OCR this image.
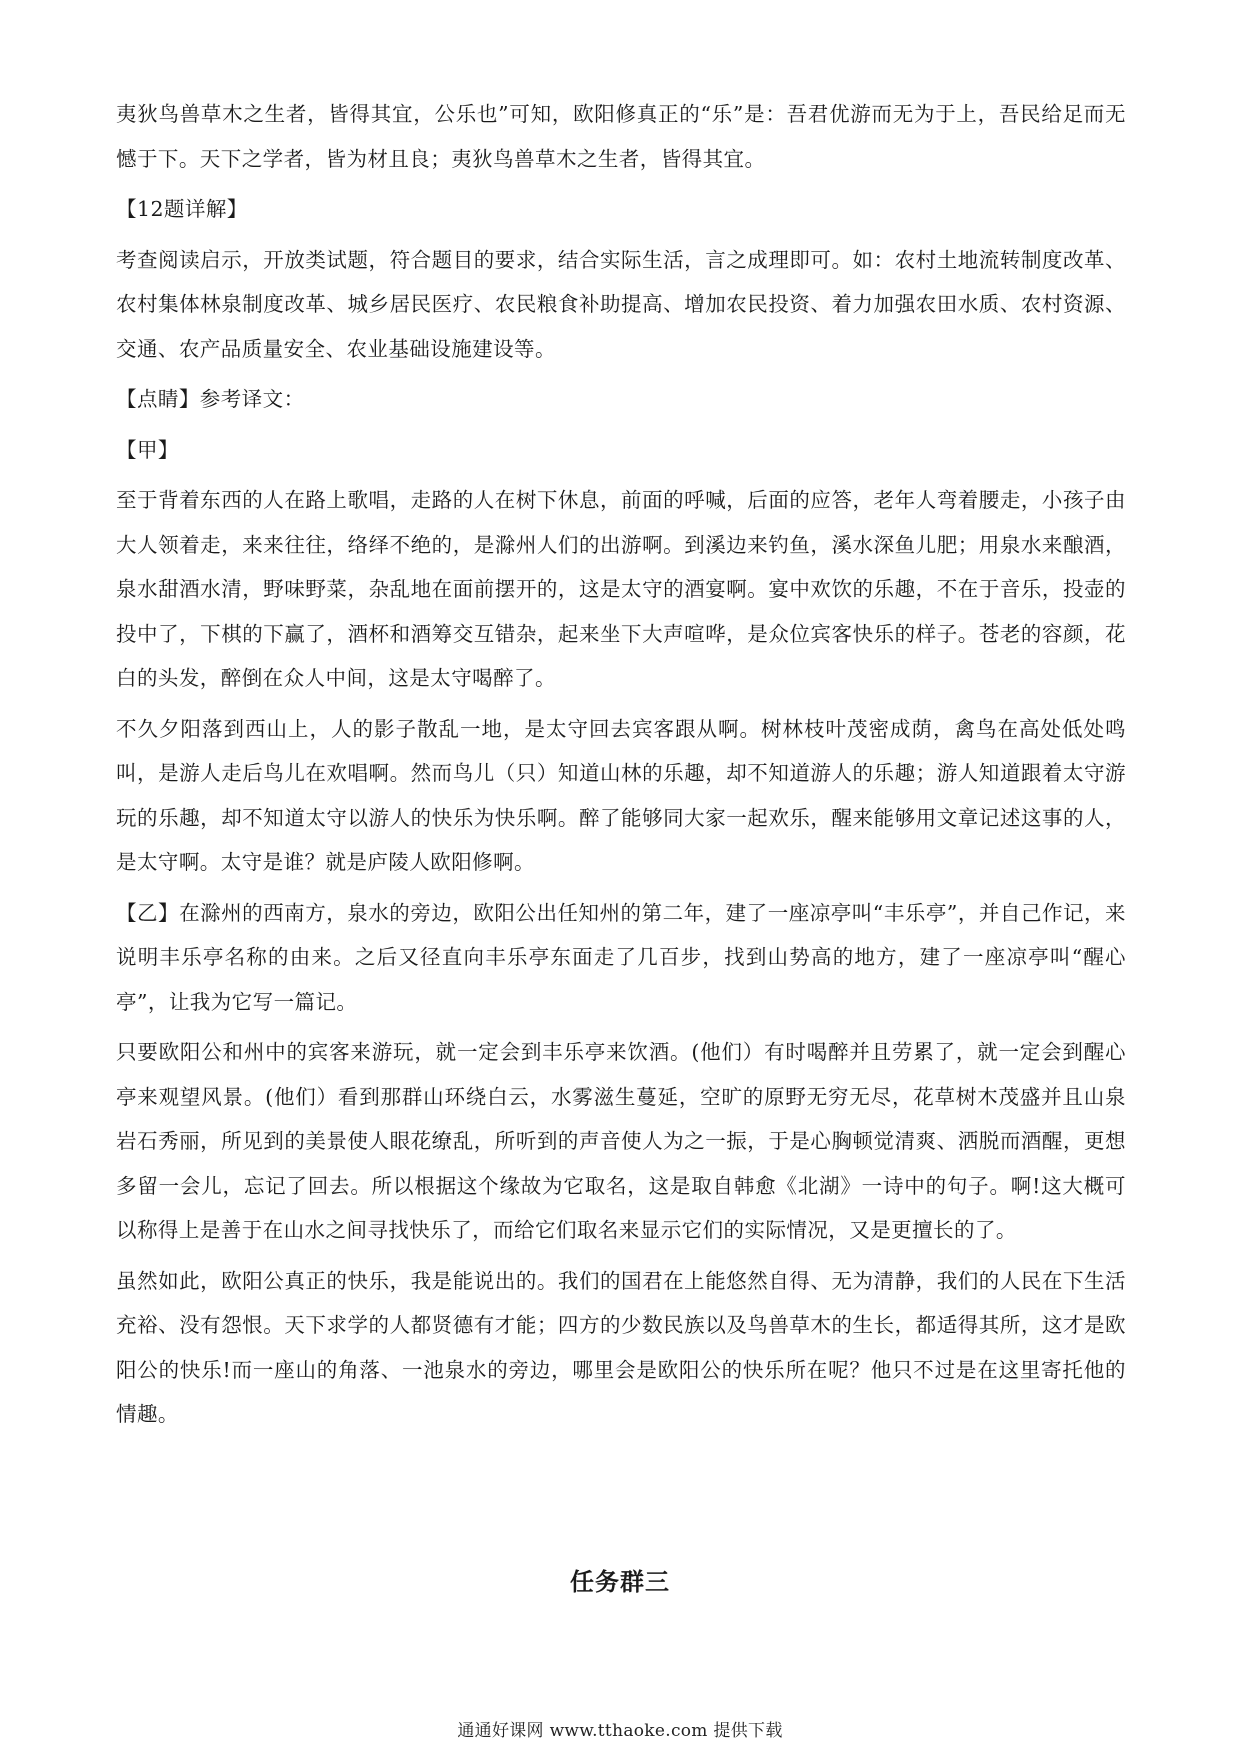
夷狄鸟兽草木之生者，皆得其宜，公乐也”可知，欧阳修真正的“乐”是：吾君优游而无为于上，吾民给足而无憾于下。天下之学者，皆为材且良；夷狄鸟兽草木之生者，皆得其宜。

【12题详解】

考查阅读启示，开放类试题，符合题目的要求，结合实际生活，言之成理即可。如：农村土地流转制度改革、农村集体林泉制度改革、城乡居民医疗、农民粮食补助提高、增加农民投资、着力加强农田水质、农村资源、交通、农产品质量安全、农业基础设施建设等。

【点睛】参考译文：

【甲】

至于背着东西的人在路上歌唱，走路的人在树下休息，前面的呼喊，后面的应答，老年人弯着腰走，小孩子由大人领着走，来来往往，络绎不绝的，是滁州人们的出游啊。到溪边来钓鱼，溪水深鱼儿肥；用泉水来酿酒，泉水甜酒水清，野味野菜，杂乱地在面前摆开的，这是太守的酒宴啊。宴中欢饮的乐趣，不在于音乐，投壶的投中了，下棋的下赢了，酒杯和酒筹交互错杂，起来坐下大声喧哗，是众位宾客快乐的样子。苍老的容颜，花白的头发，醉倒在众人中间，这是太守喝醉了。

不久夕阳落到西山上，人的影子散乱一地，是太守回去宾客跟从啊。树林枝叶茂密成荫，禽鸟在高处低处鸣叫，是游人走后鸟儿在欢唱啊。然而鸟儿（只）知道山林的乐趣，却不知道游人的乐趣；游人知道跟着太守游玩的乐趣，却不知道太守以游人的快乐为快乐啊。醉了能够同大家一起欢乐，醒来能够用文章记述这事的人，是太守啊。太守是谁？就是庐陵人欧阳修啊。

【乙】在滁州的西南方，泉水的旁边，欧阳公出任知州的第二年，建了一座凉亭叫“丰乐亭”，并自己作记，来说明丰乐亭名称的由来。之后又径直向丰乐亭东面走了几百步，找到山势高的地方，建了一座凉亭叫“醒心亭”，让我为它写一篇记。

只要欧阳公和州中的宾客来游玩，就一定会到丰乐亭来饮酒。(他们）有时喝醉并且劳累了，就一定会到醒心亭来观望风景。(他们）看到那群山环绕白云，水雾滋生蔓延，空旷的原野无穷无尽，花草树木茂盛并且山泉岩石秀丽，所见到的美景使人眼花缭乱，所听到的声音使人为之一振，于是心胸顿觉清爽、洒脱而酒醒，更想多留一会儿，忘记了回去。所以根据这个缘故为它取名，这是取自韩愈《北湖》一诗中的句子。啊!这大概可以称得上是善于在山水之间寻找快乐了，而给它们取名来显示它们的实际情况，又是更擅长的了。

虽然如此，欧阳公真正的快乐，我是能说出的。我们的国君在上能悠然自得、无为清静，我们的人民在下生活充裕、没有怨恨。天下求学的人都贤德有才能；四方的少数民族以及鸟兽草木的生长，都适得其所，这才是欧阳公的快乐!而一座山的角落、一池泉水的旁边，哪里会是欧阳公的快乐所在呢？他只不过是在这里寄托他的情趣。

任务群三
通通好课网 www.tthaoke.com 提供下载
